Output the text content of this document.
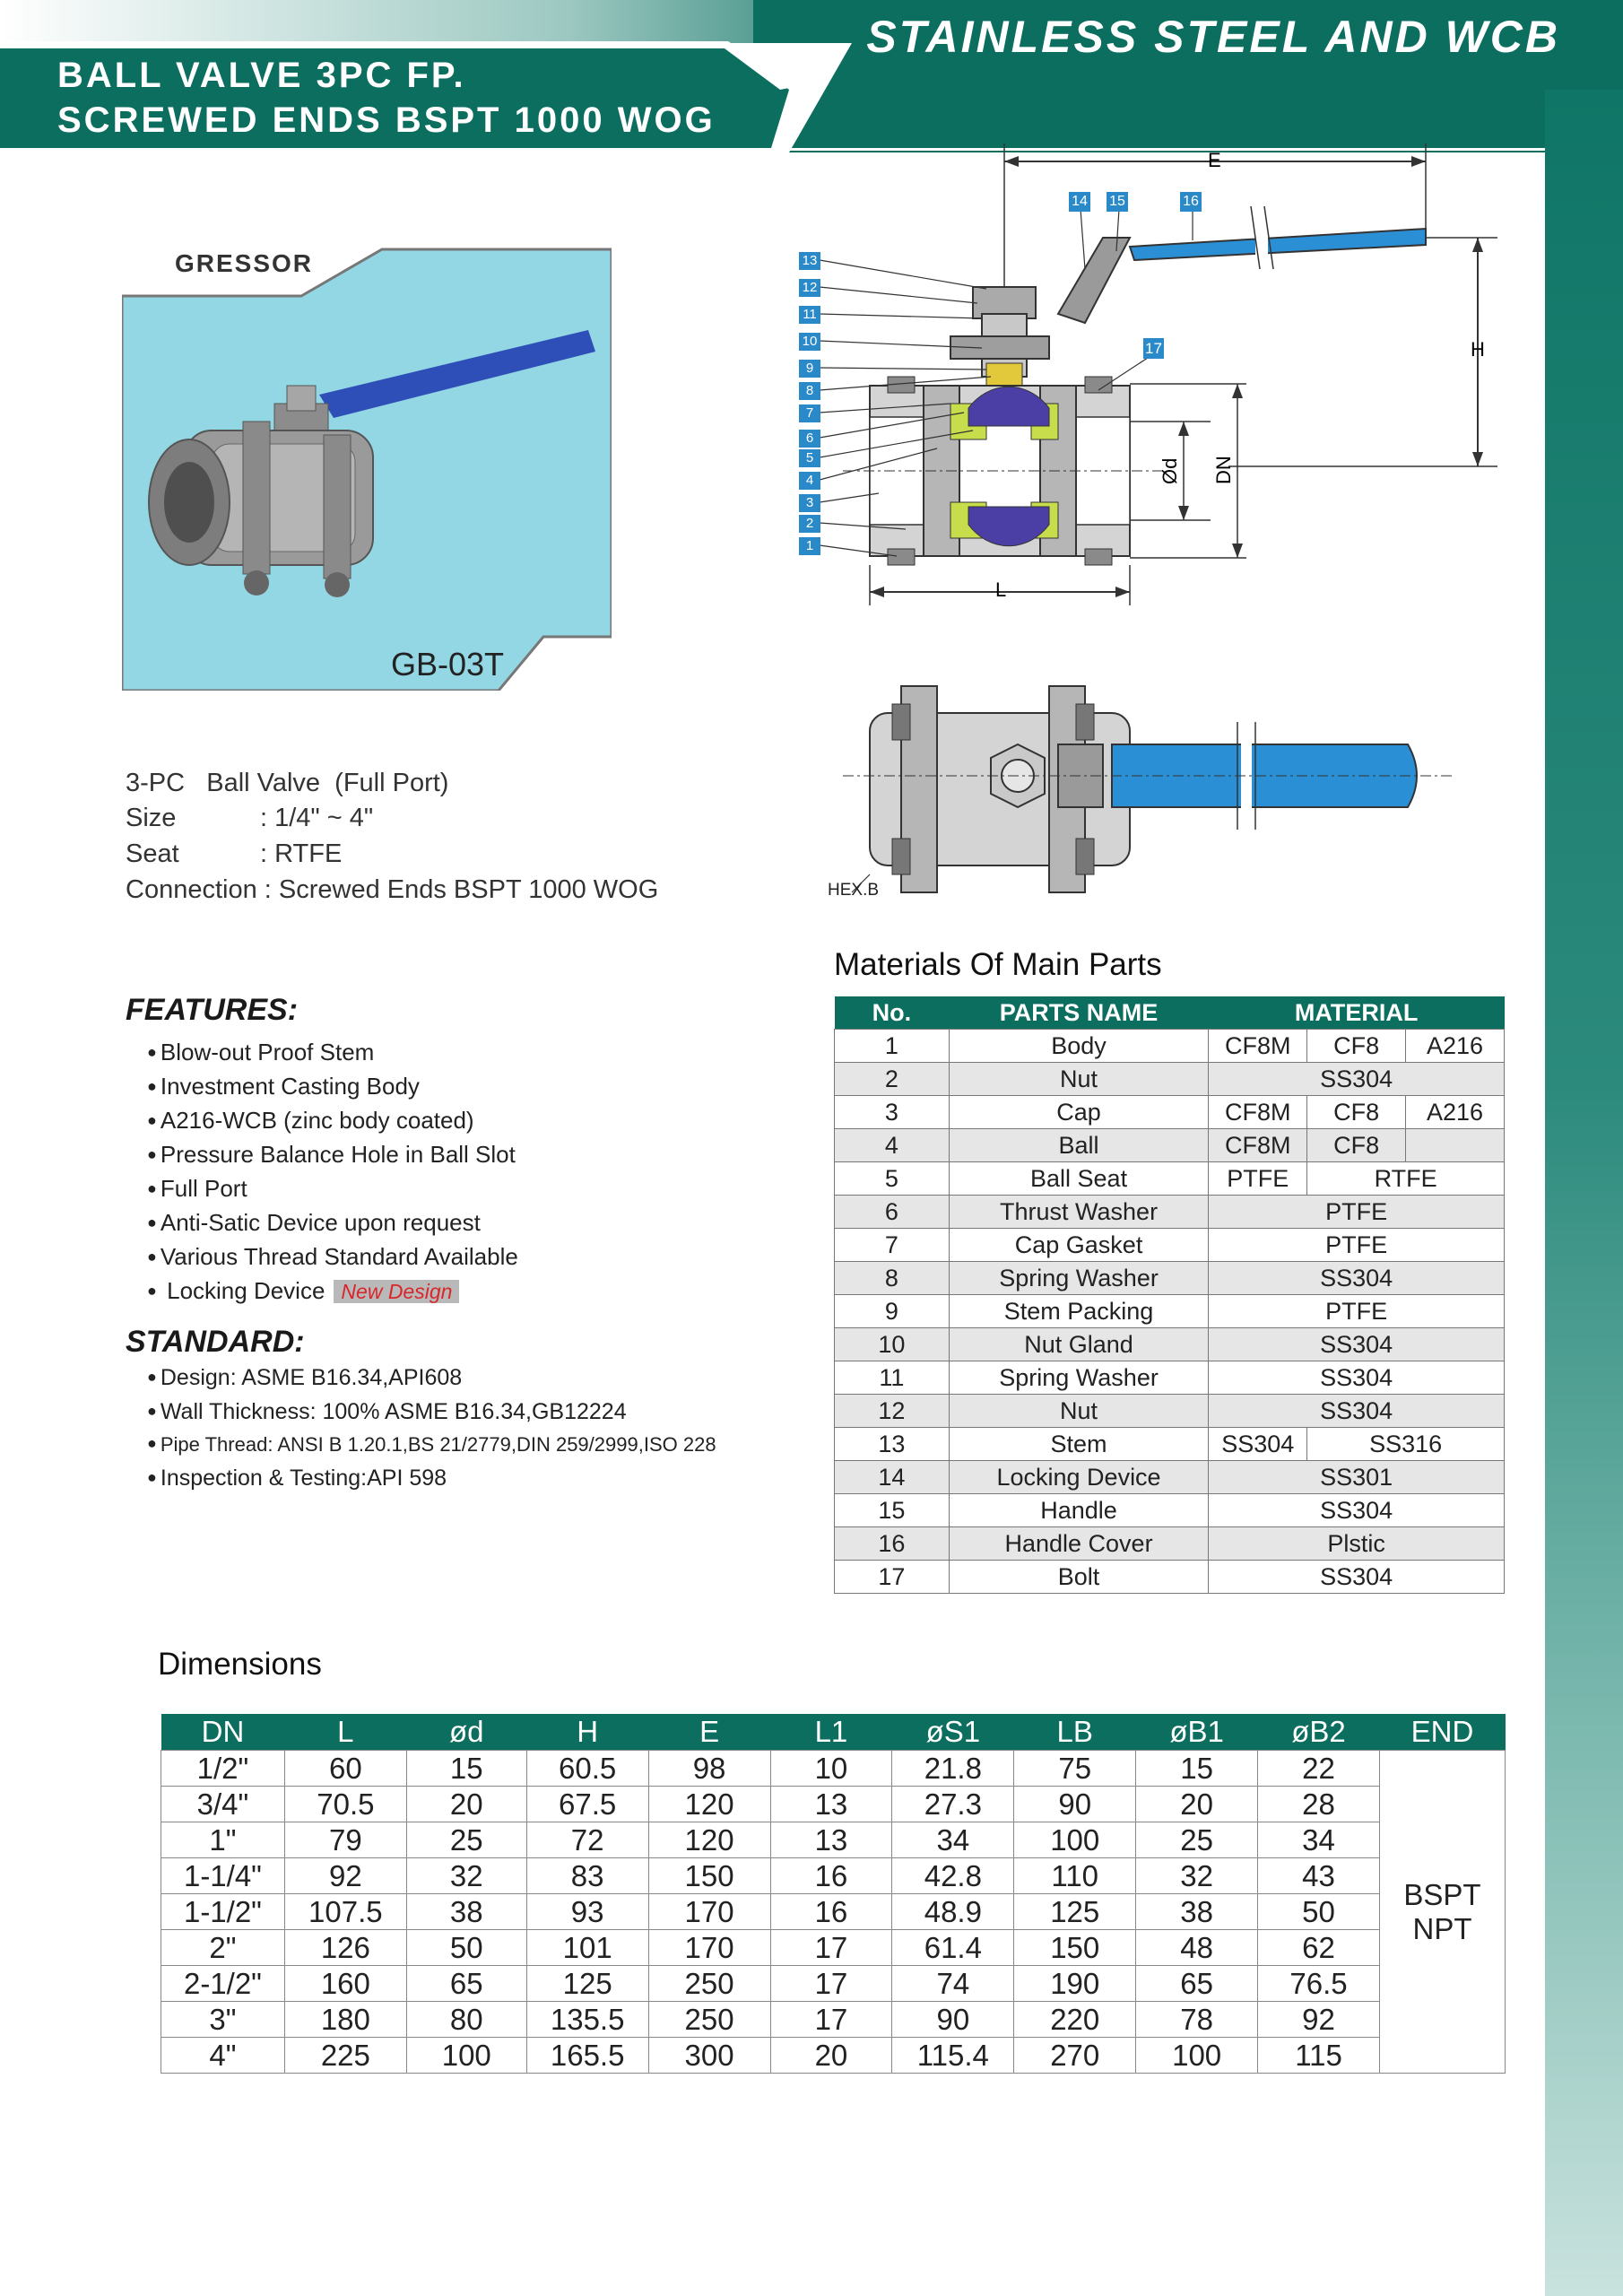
STAINLESS STEEL AND WCB
BALL VALVE 3PC FP.
SCREWED ENDS BSPT 1000 WOG
GRESSOR
GB-03T
E
H
Ød DN
L
13
12
11
10
9
8
7
6
5
4
3
2
1
14 15	16
17
HEX.B
3-PC   Ball Valve  (Full Port)
Size	: 1/4" ~ 4"
Seat	: RTFE
Connection : Screwed Ends BSPT 1000 WOG
FEATURES:
● Blow-out Proof Stem
● Investment Casting Body
● A216-WCB (zinc body coated)
● Pressure Balance Hole in Ball Slot
● Full Port
● Anti-Satic Device upon request
● Various Thread Standard Available
● Locking Device New Design
STANDARD:
● Design: ASME B16.34,API608
● Wall Thickness: 100% ASME B16.34,GB12224
● Pipe Thread: ANSI B 1.20.1,BS 21/2779,DIN 259/2999,ISO 228
● Inspection & Testing:API 598
Materials Of Main Parts
No.	PARTS NAME	MATERIAL		
1	Body	CF8M	CF8	A216
2	Nut	SS304		
3	Cap	CF8M	CF8	A216
4	Ball	CF8M	CF8	
5	Ball Seat	PTFE	RTFE	
6	Thrust Washer	PTFE		
7	Cap Gasket	PTFE		
8	Spring Washer	SS304		
9	Stem Packing	PTFE		
10	Nut Gland	SS304		
11	Spring Washer	SS304		
12	Nut	SS304		
13	Stem	SS304	SS316	
14	Locking Device	SS301		
15	Handle	SS304		
16	Handle Cover	Plstic		
17	Bolt	SS304		
Dimensions
DN	L	ød	H	E	L1	øS1	LB	øB1	øB2	END
1/2"	60	15	60.5	98	10	21.8	75	15	22	BSPT
NPT

3/4"	70.5	20	67.5	120	13	27.3	90	20	28	
1"	79	25	72	120	13	34	100	25	34	
1-1/4"	92	32	83	150	16	42.8	110	32	43	
1-1/2"	107.5	38	93	170	16	48.9	125	38	50	
2"	126	50	101	170	17	61.4	150	48	62	
2-1/2"	160	65	125	250	17	74	190	65	76.5	
3"	180	80	135.5	250	17	90	220	78	92	
4"	225	100	165.5	300	20	115.4	270	100	115	
